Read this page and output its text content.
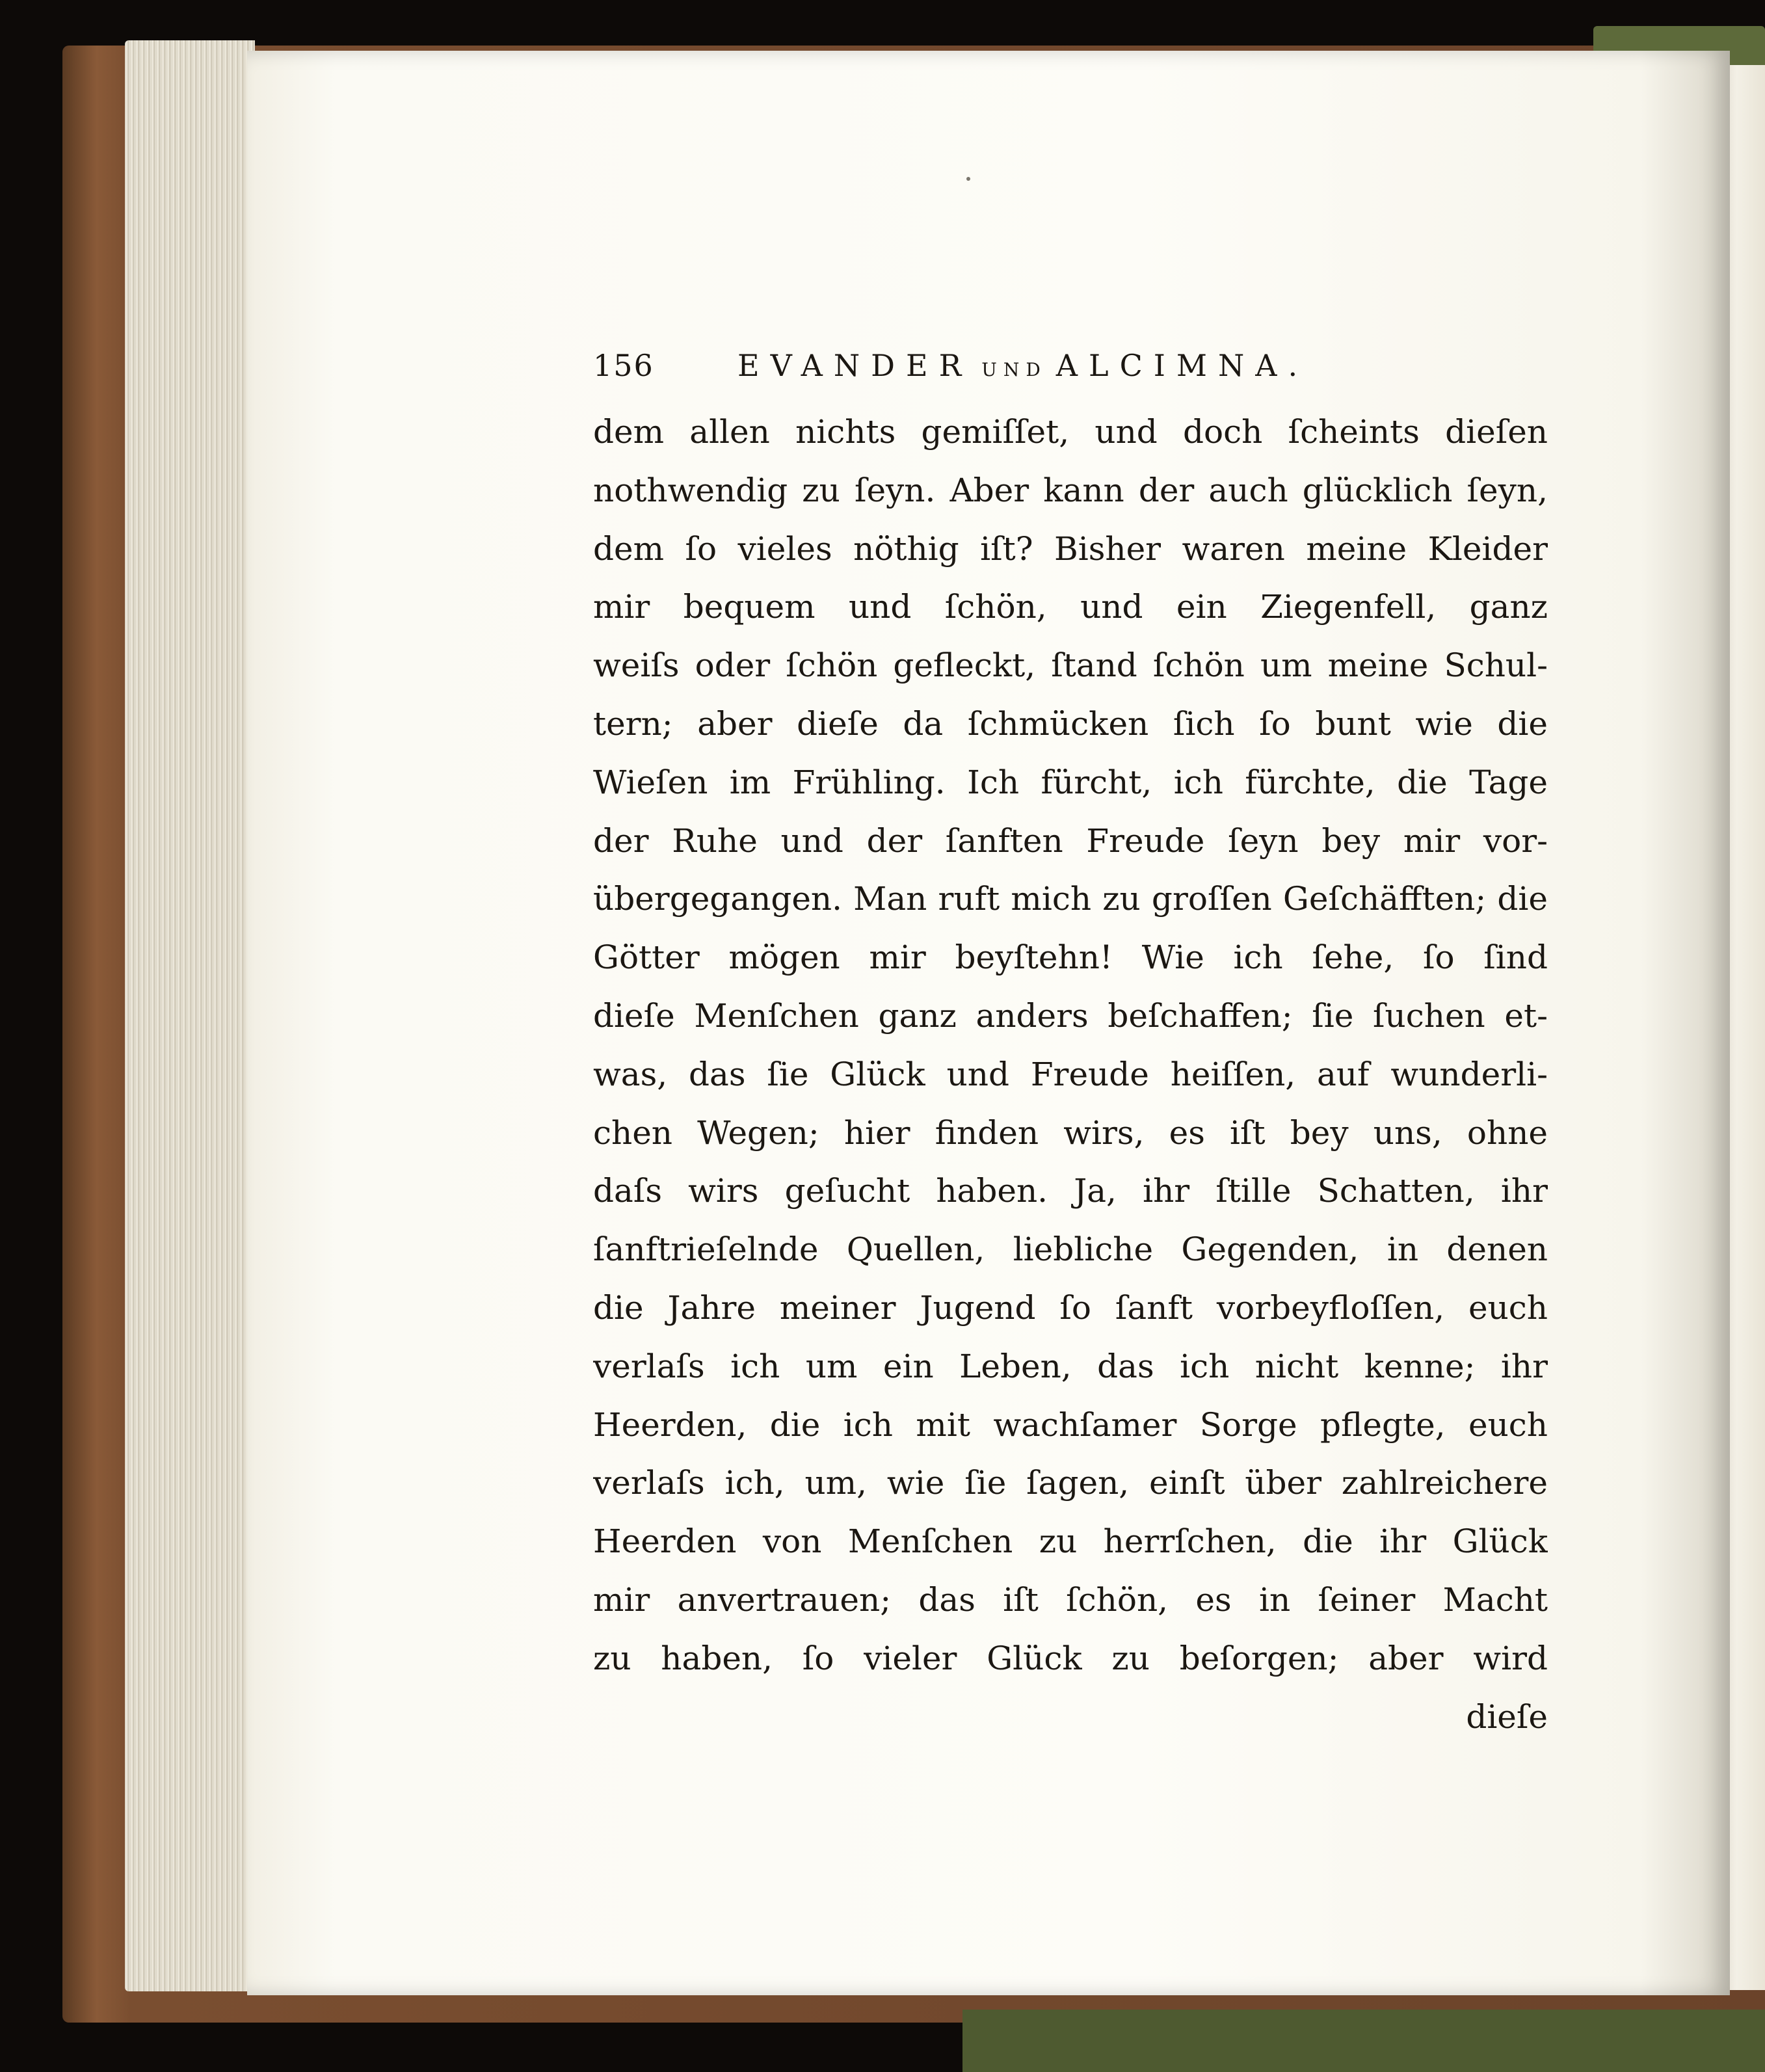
156	EVANDER UND ALCIMNA.
dem allen nichts gemiſſet, und doch ſcheints dieſen
nothwendig zu ſeyn. Aber kann der auch glücklich ſeyn,
dem ſo vieles nöthig iſt? Bisher waren meine Kleider
mir bequem und ſchön, und ein Ziegenfell, ganz
weiſs oder ſchön gefleckt, ſtand ſchön um meine Schul-
tern; aber dieſe da ſchmücken ſich ſo bunt wie die
Wieſen im Frühling. Ich fürcht, ich fürchte, die Tage
der Ruhe und der ſanften Freude ſeyn bey mir vor-
übergegangen. Man ruft mich zu groſſen Geſchäfften; die
Götter mögen mir beyſtehn! Wie ich ſehe, ſo ſind
dieſe Menſchen ganz anders beſchaffen; ſie ſuchen et-
was, das ſie Glück und Freude heiſſen, auf wunderli-
chen Wegen; hier finden wirs, es iſt bey uns, ohne
daſs wirs geſucht haben. Ja, ihr ſtille Schatten, ihr
ſanftrieſelnde Quellen, liebliche Gegenden, in denen
die Jahre meiner Jugend ſo ſanft vorbeyfloſſen, euch
verlaſs ich um ein Leben, das ich nicht kenne; ihr
Heerden, die ich mit wachſamer Sorge pflegte, euch
verlaſs ich, um, wie ſie ſagen, einſt über zahlreichere
Heerden von Menſchen zu herrſchen, die ihr Glück
mir anvertrauen; das iſt ſchön, es in ſeiner Macht
zu haben, ſo vieler Glück zu beſorgen; aber wird
dieſe
